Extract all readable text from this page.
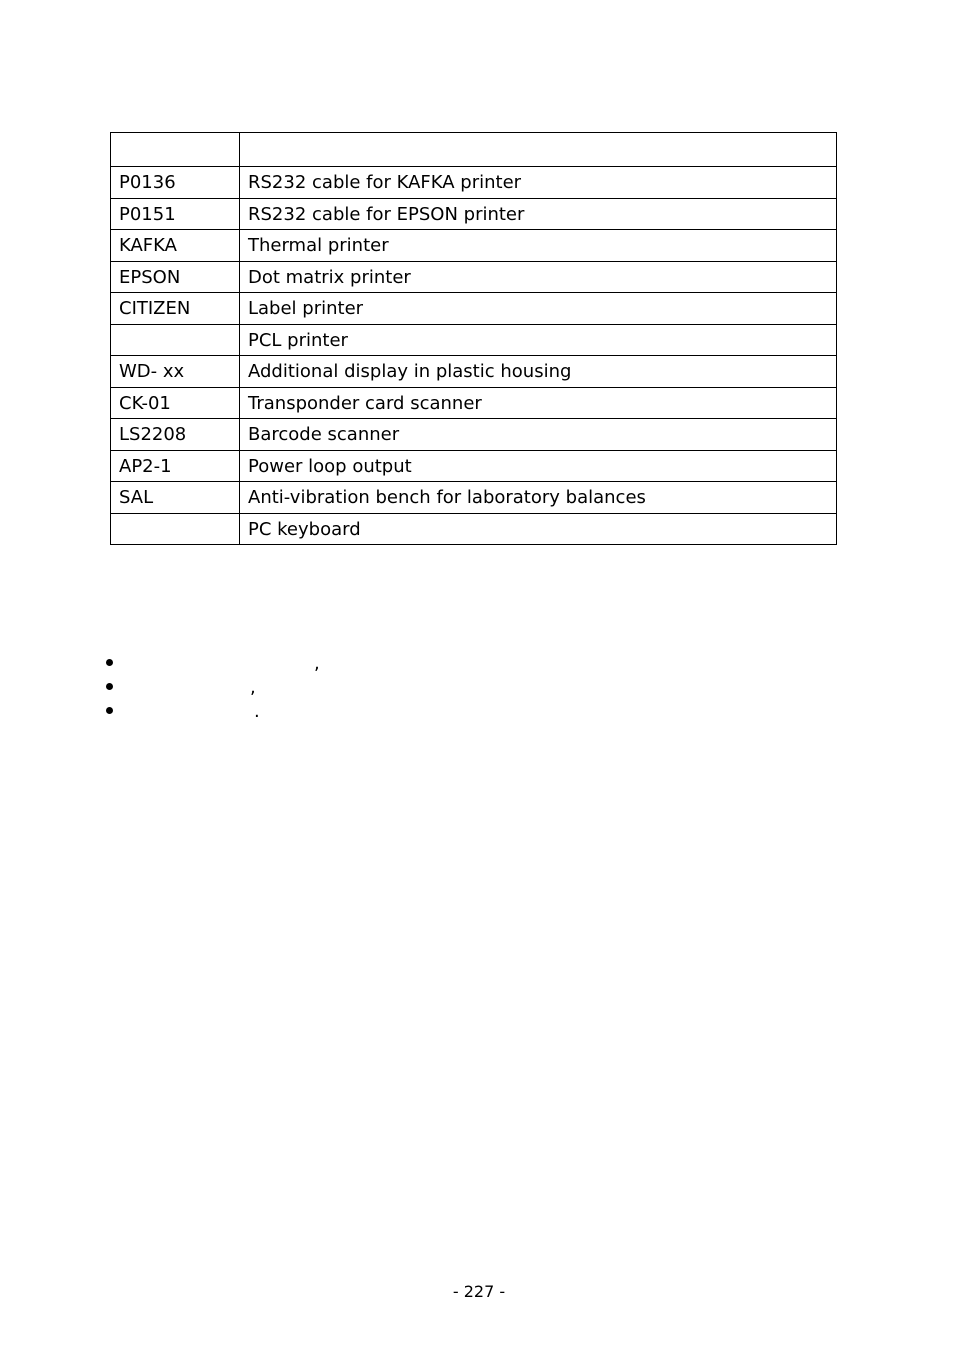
P0136	RS232 cable for KAFKA printer
P0151	RS232 cable for EPSON printer
KAFKA	Thermal printer
EPSON	Dot matrix printer
CITIZEN	Label printer
	PCL printer
WD- xx	Additional display in plastic housing
CK-01	Transponder card scanner
LS2208	Barcode scanner
AP2-1	Power loop output
SAL	Anti-vibration bench for laboratory balances
	PC keyboard
,
,
.
- 227 -
